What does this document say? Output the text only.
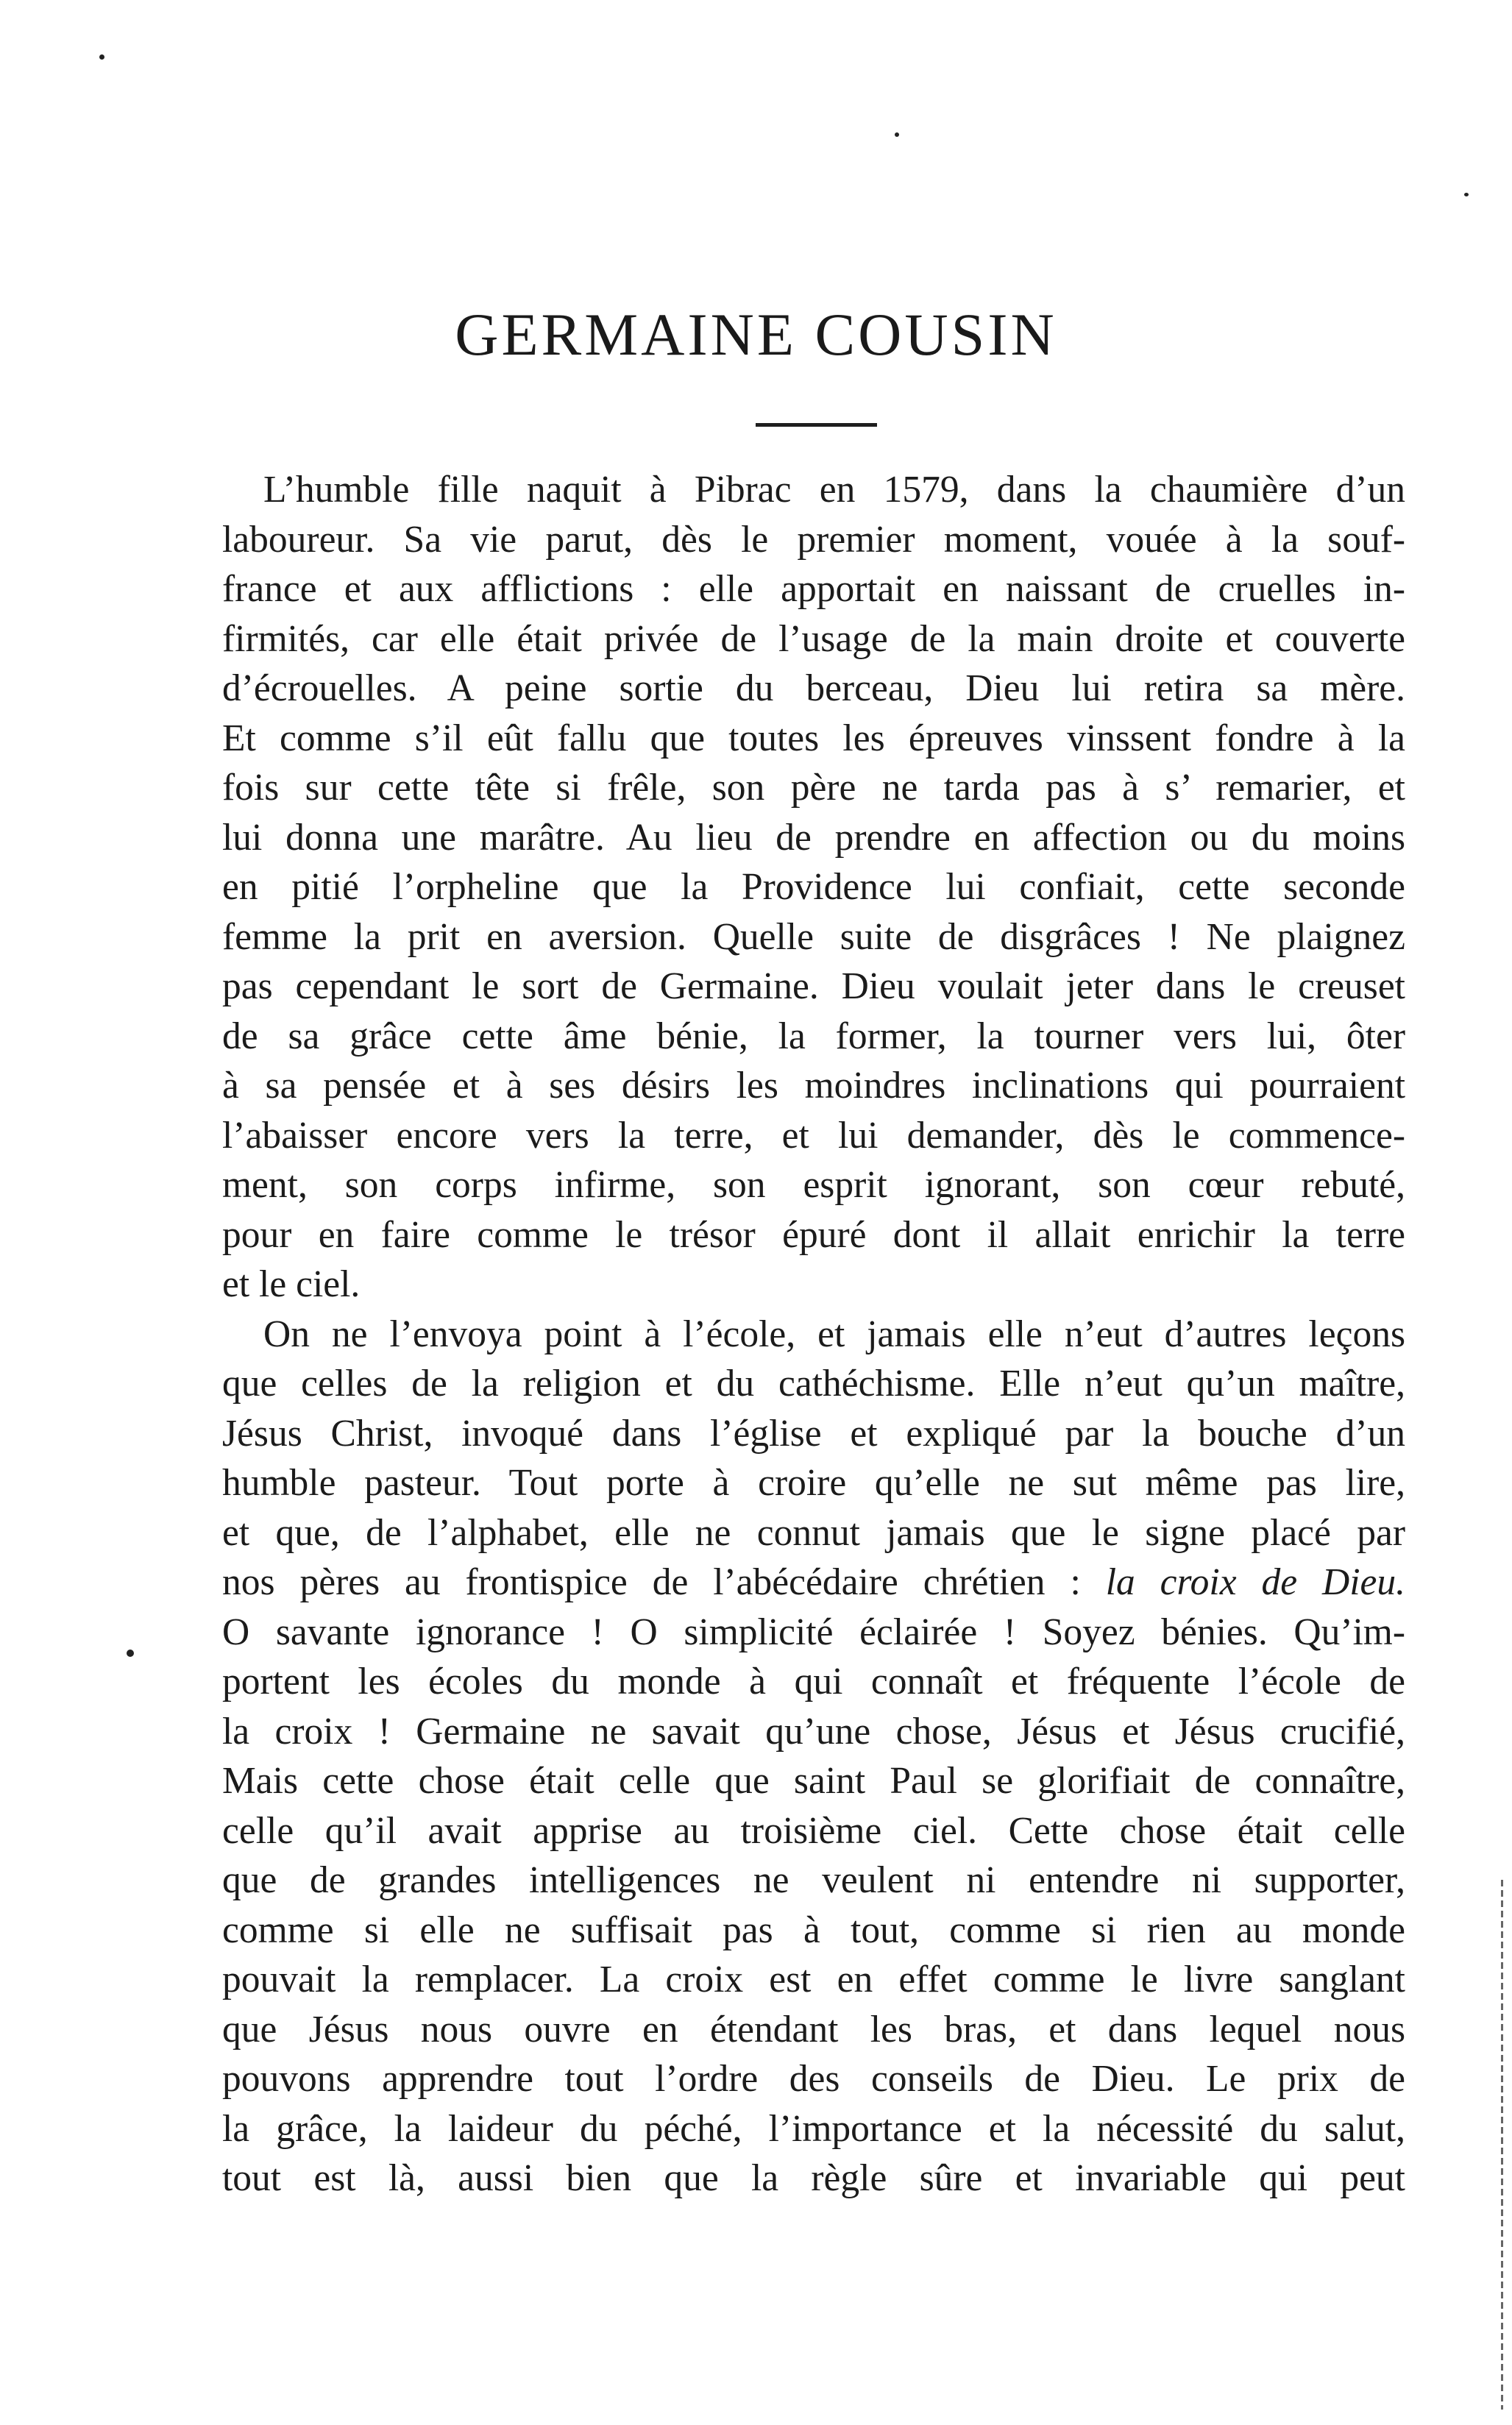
GERMAINE COUSIN
L’humble fille naquit à Pibrac en 1579, dans la chaumière d’un
laboureur. Sa vie parut, dès le premier moment, vouée à la souf-
france et aux afflictions : elle apportait en naissant de cruelles in-
firmités, car elle était privée de l’usage de la main droite et couverte
d’écrouelles. A peine sortie du berceau, Dieu lui retira sa mère.
Et comme s’il eût fallu que toutes les épreuves vinssent fondre à la
fois sur cette tête si frêle, son père ne tarda pas à s’ remarier, et
lui donna une marâtre. Au lieu de prendre en affection ou du moins
en pitié l’orpheline que la Providence lui confiait, cette seconde
femme la prit en aversion. Quelle suite de disgrâces ! Ne plaignez
pas cependant le sort de Germaine. Dieu voulait jeter dans le creuset
de sa grâce cette âme bénie, la former, la tourner vers lui, ôter
à sa pensée et à ses désirs les moindres inclinations qui pourraient
l’abaisser encore vers la terre, et lui demander, dès le commence-
ment, son corps infirme, son esprit ignorant, son cœur rebuté,
pour en faire comme le trésor épuré dont il allait enrichir la terre
et le ciel.
On ne l’envoya point à l’école, et jamais elle n’eut d’autres leçons
que celles de la religion et du cathéchisme. Elle n’eut qu’un maître,
Jésus Christ, invoqué dans l’église et expliqué par la bouche d’un
humble pasteur. Tout porte à croire qu’elle ne sut même pas lire,
et que, de l’alphabet, elle ne connut jamais que le signe placé par
nos pères au frontispice de l’abécédaire chrétien : la croix de Dieu.
O savante ignorance ! O simplicité éclairée ! Soyez bénies. Qu’im-
portent les écoles du monde à qui connaît et fréquente l’école de
la croix ! Germaine ne savait qu’une chose, Jésus et Jésus crucifié,
Mais cette chose était celle que saint Paul se glorifiait de connaître,
celle qu’il avait apprise au troisième ciel. Cette chose était celle
que de grandes intelligences ne veulent ni entendre ni supporter,
comme si elle ne suffisait pas à tout, comme si rien au monde
pouvait la remplacer. La croix est en effet comme le livre sanglant
que Jésus nous ouvre en étendant les bras, et dans lequel nous
pouvons apprendre tout l’ordre des conseils de Dieu. Le prix de
la grâce, la laideur du péché, l’importance et la nécessité du salut,
tout est là, aussi bien que la règle sûre et invariable qui peut
